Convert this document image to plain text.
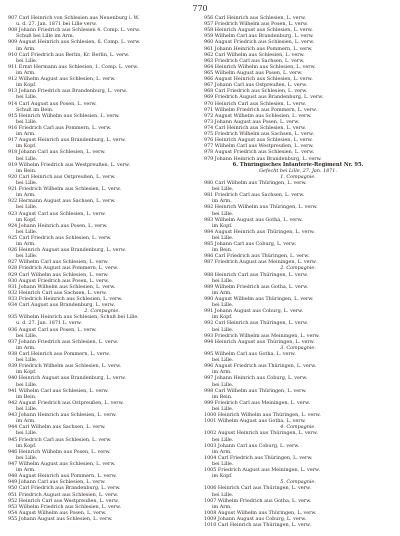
770
907 Carl Heinrich von Schlesien aus Neuenburg i. W.
u. d. 27. Jan. 1871 bei Lille verw.
908 Johann Friedrich aus Schlesien 4. Comp. L. verw.
Schuß bei Lille im Arm.
909 August Heinrich aus Schlesien, 6. Comp. L. verw.
im Arm.
910 Carl Friedrich aus Berlin, Kr. Berlin, L. verw.
bei Lille.
911 Ernst Hermann aus Schlesien, 1. Comp. L. verw.
im Arm.
912 Wilhelm August aus Schlesien, L. verw.
im Kopf.
913 Johann Friedrich aus Brandenburg, L. verw.
bei Lille.
914 Carl August aus Posen, L. verw.
Schuß im Bein.
915 Heinrich Wilhelm aus Schlesien, L. verw.
bei Lille.
916 Friedrich Carl aus Pommern, L. verw.
im Arm.
917 August Heinrich aus Brandenburg, L. verw.
im Kopf.
918 Johann Carl aus Schlesien, L. verw.
bei Lille.
919 Wilhelm Friedrich aus Westpreußen, L. verw.
im Bein.
920 Carl Heinrich aus Ostpreußen, L. verw.
bei Lille.
921 Friedrich Wilhelm aus Schlesien, L. verw.
im Arm.
922 Hermann August aus Sachsen, L. verw.
bei Lille.
923 August Carl aus Schlesien, L. verw.
im Kopf.
924 Johann Heinrich aus Posen, L. verw.
bei Lille.
925 Carl Friedrich aus Schlesien, L. verw.
im Arm.
926 Heinrich August aus Brandenburg, L. verw.
bei Lille.
927 Wilhelm Carl aus Schlesien, L. verw.
928 Friedrich August aus Pommern, L. verw.
929 Carl Wilhelm aus Schlesien, L. verw.
930 August Friedrich aus Posen, L. verw.
931 Johann Wilhelm aus Schlesien, L. verw.
932 Heinrich Carl aus Sachsen, L. verw.
933 Friedrich Heinrich aus Schlesien, L. verw.
934 Carl August aus Brandenburg, L. verw.
2. Compagnie.
935 Wilhelm Heinrich aus Schlesien, Schuß bei Lille.
u. d. 27. Jan. 1871 L. verw.
936 August Carl aus Posen, L. verw.
bei Lille.
937 Johann Friedrich aus Schlesien, L. verw.
im Arm.
938 Carl Heinrich aus Pommern, L. verw.
bei Lille.
939 Friedrich Wilhelm aus Schlesien, L. verw.
im Kopf.
940 Heinrich August aus Brandenburg, L. verw.
bei Lille.
941 Wilhelm Carl aus Schlesien, L. verw.
im Bein.
942 August Friedrich aus Ostpreußen, L. verw.
bei Lille.
943 Johann Heinrich aus Schlesien, L. verw.
im Arm.
944 Carl Wilhelm aus Sachsen, L. verw.
bei Lille.
945 Friedrich Carl aus Schlesien, L. verw.
im Kopf.
946 Heinrich Wilhelm aus Posen, L. verw.
bei Lille.
947 Wilhelm August aus Schlesien, L. verw.
im Arm.
948 August Heinrich aus Pommern, L. verw.
949 Johann Carl aus Schlesien, L. verw.
950 Carl Friedrich aus Brandenburg, L. verw.
951 Friedrich August aus Schlesien, L. verw.
952 Heinrich Carl aus Westpreußen, L. verw.
953 Wilhelm Friedrich aus Schlesien, L. verw.
954 August Wilhelm aus Posen, L. verw.
955 Johann August aus Schlesien, L. verw.
956 Carl Heinrich aus Schlesien, L. verw.
957 Friedrich Wilhelm aus Posen, L. verw.
958 Heinrich August aus Schlesien, L. verw.
959 Wilhelm Carl aus Brandenburg, L. verw.
960 August Friedrich aus Schlesien, L. verw.
961 Johann Heinrich aus Pommern, L. verw.
962 Carl Wilhelm aus Schlesien, L. verw.
963 Friedrich Carl aus Sachsen, L. verw.
964 Heinrich Wilhelm aus Schlesien, L. verw.
965 Wilhelm August aus Posen, L. verw.
966 August Heinrich aus Schlesien, L. verw.
967 Johann Carl aus Ostpreußen, L. verw.
968 Carl Friedrich aus Schlesien, L. verw.
969 Friedrich August aus Brandenburg, L. verw.
970 Heinrich Carl aus Schlesien, L. verw.
971 Wilhelm Friedrich aus Pommern, L. verw.
972 August Wilhelm aus Schlesien, L. verw.
973 Johann August aus Posen, L. verw.
974 Carl Heinrich aus Schlesien, L. verw.
975 Friedrich Wilhelm aus Sachsen, L. verw.
976 Heinrich August aus Schlesien, L. verw.
977 Wilhelm Carl aus Westpreußen, L. verw.
978 August Friedrich aus Schlesien, L. verw.
979 Johann Heinrich aus Brandenburg, L. verw.
6. Thüringisches Infanterie-Regiment Nr. 95.
Gefecht bei Lille, 27. Jan. 1871.
1. Compagnie.
980 Carl Wilhelm aus Thüringen, L. verw.
bei Lille.
981 Friedrich Carl aus Sachsen, L. verw.
im Arm.
982 Heinrich Wilhelm aus Thüringen, L. verw.
bei Lille.
983 Wilhelm August aus Gotha, L. verw.
im Kopf.
984 August Heinrich aus Thüringen, L. verw.
bei Lille.
985 Johann Carl aus Coburg, L. verw.
im Bein.
986 Carl Friedrich aus Thüringen, L. verw.
987 Friedrich August aus Meiningen, L. verw.
2. Compagnie.
988 Heinrich Carl aus Thüringen, L. verw.
bei Lille.
989 Wilhelm Friedrich aus Gotha, L. verw.
im Arm.
990 August Wilhelm aus Thüringen, L. verw.
bei Lille.
991 Johann August aus Coburg, L. verw.
im Kopf.
992 Carl Heinrich aus Thüringen, L. verw.
bei Lille.
993 Friedrich Wilhelm aus Meiningen, L. verw.
994 Heinrich August aus Thüringen, L. verw.
3. Compagnie.
995 Wilhelm Carl aus Gotha, L. verw.
bei Lille.
996 August Friedrich aus Thüringen, L. verw.
im Arm.
997 Johann Heinrich aus Coburg, L. verw.
bei Lille.
998 Carl Wilhelm aus Thüringen, L. verw.
im Bein.
999 Friedrich Carl aus Meiningen, L. verw.
bei Lille.
1000 Heinrich Wilhelm aus Thüringen, L. verw.
1001 Wilhelm August aus Gotha, L. verw.
4. Compagnie.
1002 August Heinrich aus Thüringen, L. verw.
bei Lille.
1003 Johann Carl aus Coburg, L. verw.
im Arm.
1004 Carl Friedrich aus Thüringen, L. verw.
bei Lille.
1005 Friedrich August aus Meiningen, L. verw.
im Kopf.
5. Compagnie.
1006 Heinrich Carl aus Thüringen, L. verw.
bei Lille.
1007 Wilhelm Friedrich aus Gotha, L. verw.
im Arm.
1008 August Wilhelm aus Thüringen, L. verw.
1009 Johann August aus Coburg, L. verw.
1010 Carl Heinrich aus Thüringen, L. verw.
